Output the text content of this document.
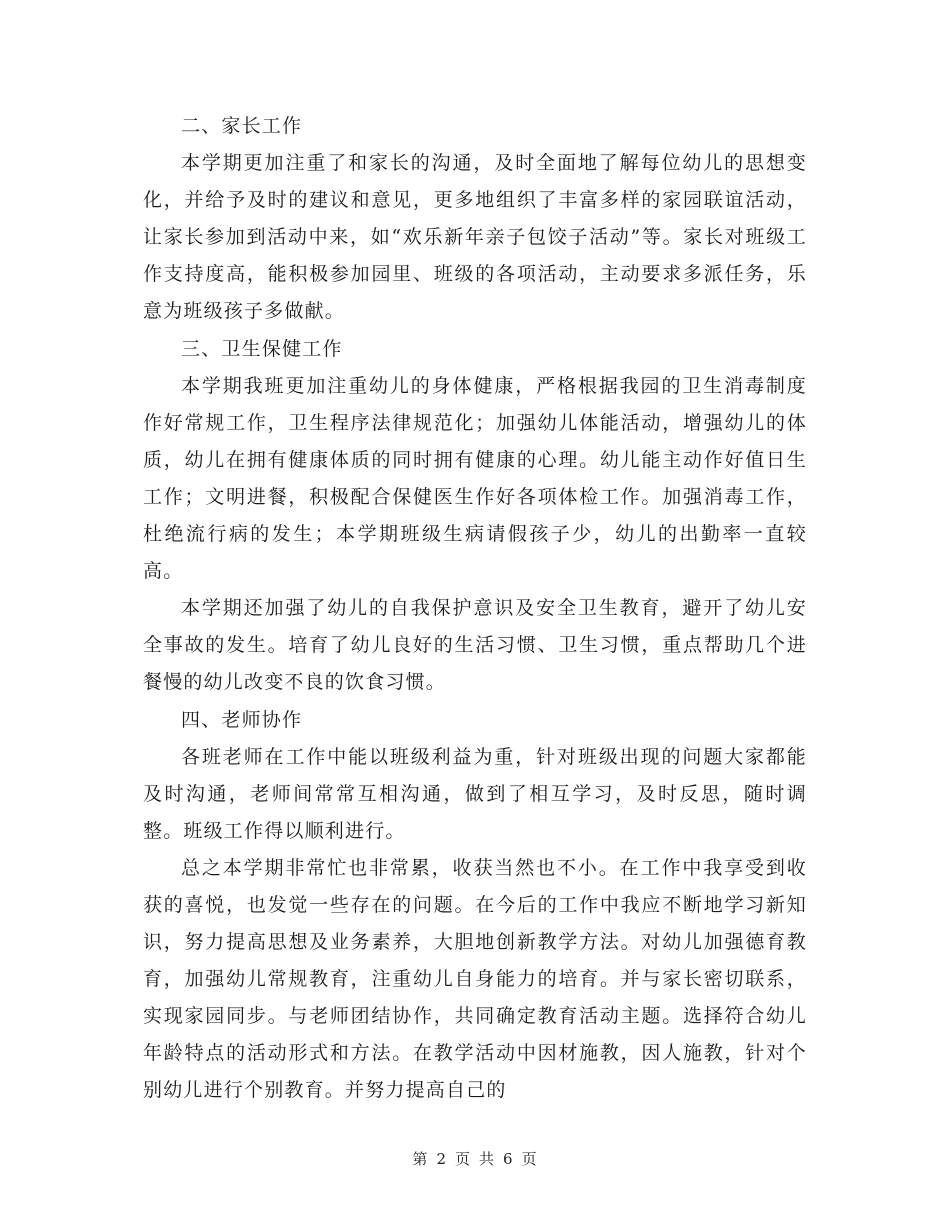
二、家长工作

本学期更加注重了和家长的沟通，及时全面地了解每位幼儿的思想变化，并给予及时的建议和意见，更多地组织了丰富多样的家园联谊活动，让家长参加到活动中来，如“欢乐新年亲子包饺子活动”等。家长对班级工作支持度高，能积极参加园里、班级的各项活动，主动要求多派任务，乐意为班级孩子多做献。

三、卫生保健工作

本学期我班更加注重幼儿的身体健康，严格根据我园的卫生消毒制度作好常规工作，卫生程序法律规范化；加强幼儿体能活动，增强幼儿的体质，幼儿在拥有健康体质的同时拥有健康的心理。幼儿能主动作好值日生工作；文明进餐，积极配合保健医生作好各项体检工作。加强消毒工作，杜绝流行病的发生；本学期班级生病请假孩子少，幼儿的出勤率一直较高。

本学期还加强了幼儿的自我保护意识及安全卫生教育，避开了幼儿安全事故的发生。培育了幼儿良好的生活习惯、卫生习惯，重点帮助几个进餐慢的幼儿改变不良的饮食习惯。

四、老师协作

各班老师在工作中能以班级利益为重，针对班级出现的问题大家都能及时沟通，老师间常常互相沟通，做到了相互学习，及时反思，随时调整。班级工作得以顺利进行。

总之本学期非常忙也非常累，收获当然也不小。在工作中我享受到收获的喜悦，也发觉一些存在的问题。在今后的工作中我应不断地学习新知识，努力提高思想及业务素养，大胆地创新教学方法。对幼儿加强德育教育，加强幼儿常规教育，注重幼儿自身能力的培育。并与家长密切联系，实现家园同步。与老师团结协作，共同确定教育活动主题。选择符合幼儿年龄特点的活动形式和方法。在教学活动中因材施教，因人施教，针对个别幼儿进行个别教育。并努力提高自己的

第 2 页 共 6 页
